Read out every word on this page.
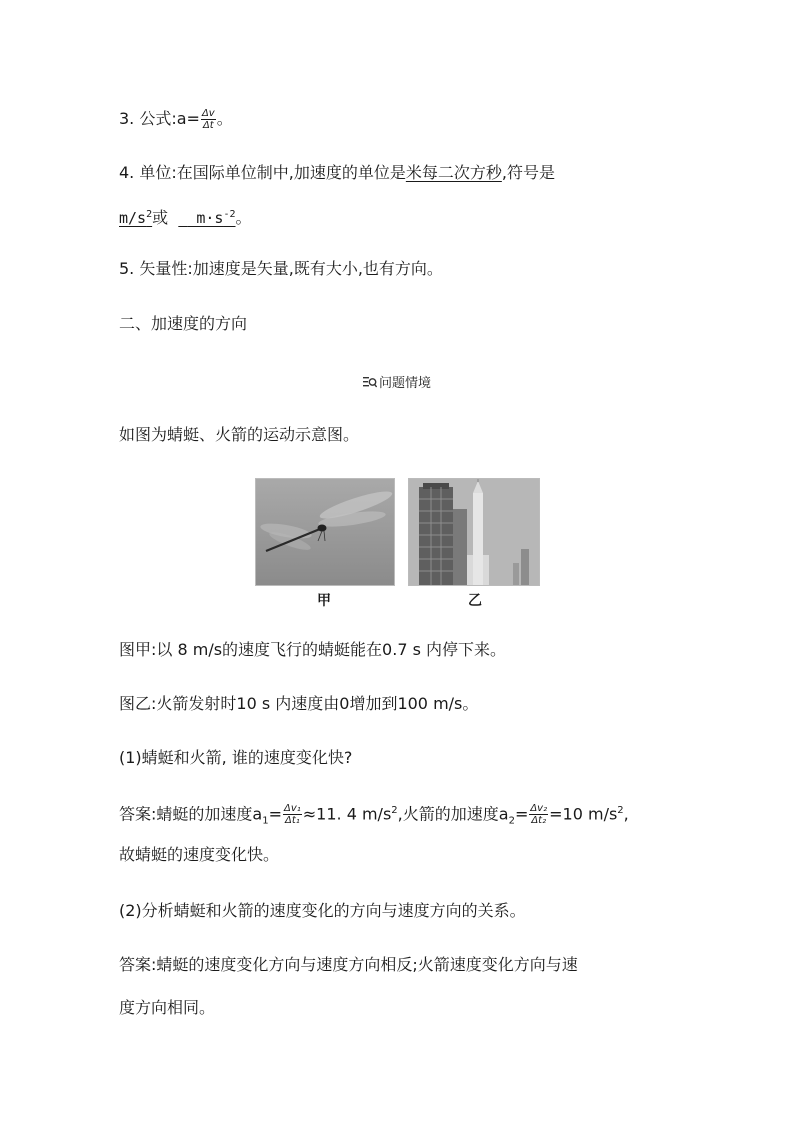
3. 公式:a= $\frac{\Delta v}{\Delta t}$ 。
4. 单位:在国际单位制中,加速度的单位是米每二次方秒,符号是
$m/s^2$或    $m\cdot s^{-2}$。
5. 矢量性:加速度是矢量,既有大小,也有方向。
二、加速度的方向
问题情境
如图为蜻蜓、火箭的运动示意图。
甲	乙
图甲:以 8 m/s的速度飞行的蜻蜓能在0.7 s 内停下来。
图乙:火箭发射时10 s 内速度由0增加到100 m/s。
(1)蜻蜓和火箭, 谁的速度变化快?
答案:蜻蜓的加速度$a_1= \frac{\text{Δv₁}}{\text{Δt₁}} \approx 11$. 4 $m/s^2$,火箭的加速度$a_2= \frac{\text{Δv₂}}{\text{Δt₂}} =10$ $m/s^2$,
故蜻蜓的速度变化快。
(2)分析蜻蜓和火箭的速度变化的方向与速度方向的关系。
答案:蜻蜓的速度变化方向与速度方向相反;火箭速度变化方向与速
度方向相同。
